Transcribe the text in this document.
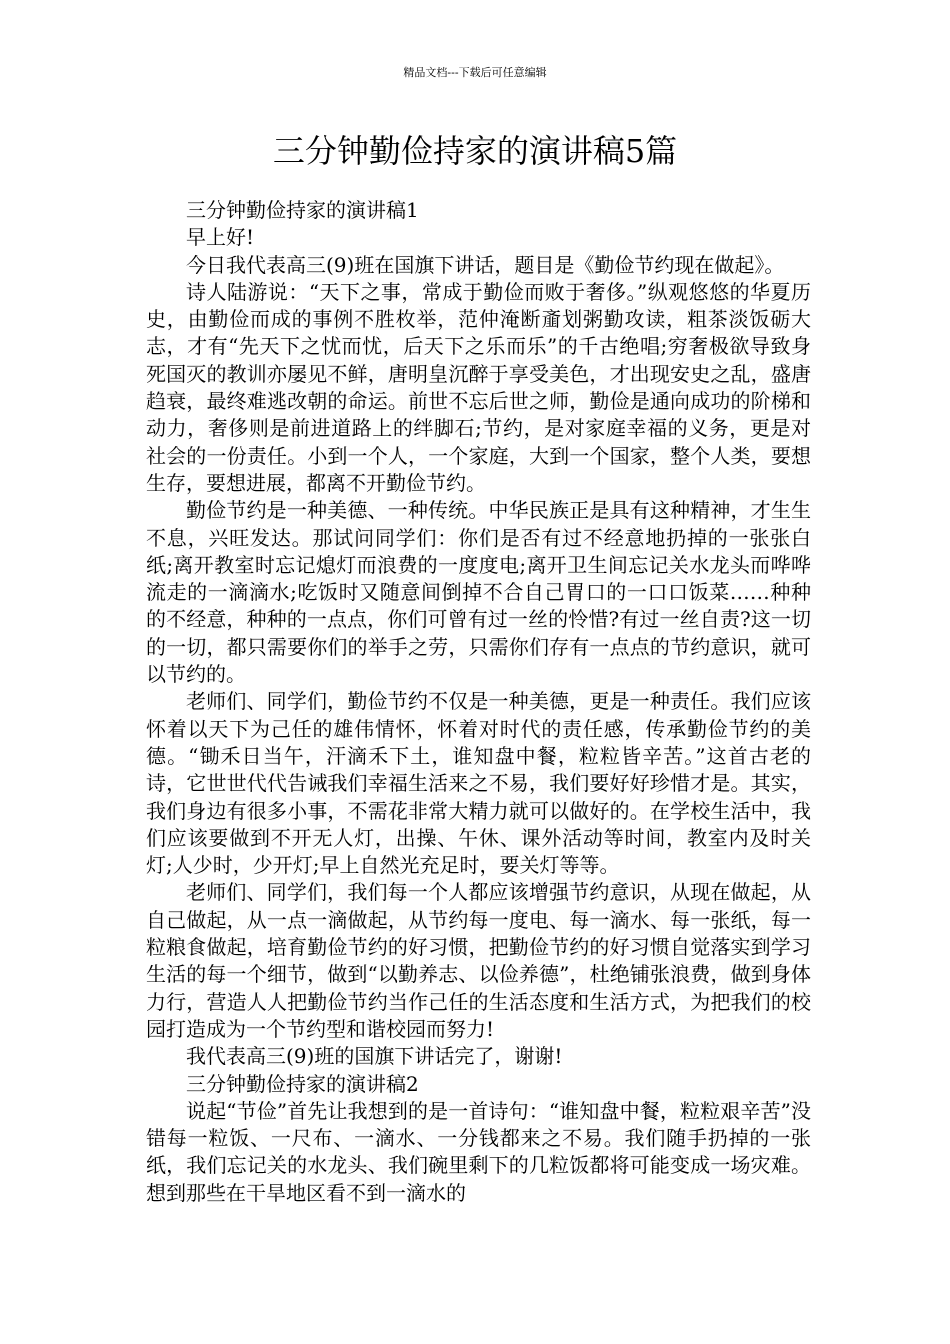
精品文档---下载后可任意编辑
三分钟勤俭持家的演讲稿5篇

三分钟勤俭持家的演讲稿1

早上好!

今日我代表高三(9)班在国旗下讲话，题目是《勤俭节约现在做起》。

诗人陆游说：“天下之事，常成于勤俭而败于奢侈。”纵观悠悠的华夏历史，由勤俭而成的事例不胜枚举，范仲淹断齑划粥勤攻读，粗茶淡饭砺大志，才有“先天下之忧而忧，后天下之乐而乐”的千古绝唱;穷奢极欲导致身死国灭的教训亦屡见不鲜，唐明皇沉醉于享受美色，才出现安史之乱，盛唐趋衰，最终难逃改朝的命运。前世不忘后世之师，勤俭是通向成功的阶梯和动力，奢侈则是前进道路上的绊脚石;节约，是对家庭幸福的义务，更是对社会的一份责任。小到一个人，一个家庭，大到一个国家，整个人类，要想生存，要想进展，都离不开勤俭节约。

勤俭节约是一种美德、一种传统。中华民族正是具有这种精神，才生生不息，兴旺发达。那试问同学们：你们是否有过不经意地扔掉的一张张白纸;离开教室时忘记熄灯而浪费的一度度电;离开卫生间忘记关水龙头而哗哗流走的一滴滴水;吃饭时又随意间倒掉不合自己胃口的一口口饭菜……种种的不经意，种种的一点点，你们可曾有过一丝的怜惜?有过一丝自责?这一切的一切，都只需要你们的举手之劳，只需你们存有一点点的节约意识，就可以节约的。

老师们、同学们，勤俭节约不仅是一种美德，更是一种责任。我们应该怀着以天下为己任的雄伟情怀，怀着对时代的责任感，传承勤俭节约的美德。“锄禾日当午，汗滴禾下土，谁知盘中餐，粒粒皆辛苦。”这首古老的诗，它世世代代告诫我们幸福生活来之不易，我们要好好珍惜才是。其实，我们身边有很多小事，不需花非常大精力就可以做好的。在学校生活中，我们应该要做到不开无人灯，出操、午休、课外活动等时间，教室内及时关灯;人少时，少开灯;早上自然光充足时，要关灯等等。

老师们、同学们，我们每一个人都应该增强节约意识，从现在做起，从自己做起，从一点一滴做起，从节约每一度电、每一滴水、每一张纸，每一粒粮食做起，培育勤俭节约的好习惯，把勤俭节约的好习惯自觉落实到学习生活的每一个细节，做到“以勤养志、以俭养德”，杜绝铺张浪费，做到身体力行，营造人人把勤俭节约当作己任的生活态度和生活方式，为把我们的校园打造成为一个节约型和谐校园而努力!

我代表高三(9)班的国旗下讲话完了，谢谢!

三分钟勤俭持家的演讲稿2

说起“节俭”首先让我想到的是一首诗句：“谁知盘中餐，粒粒艰辛苦”没错每一粒饭、一尺布、一滴水、一分钱都来之不易。我们随手扔掉的一张纸，我们忘记关的水龙头、我们碗里剩下的几粒饭都将可能变成一场灾难。想到那些在干旱地区看不到一滴水的
